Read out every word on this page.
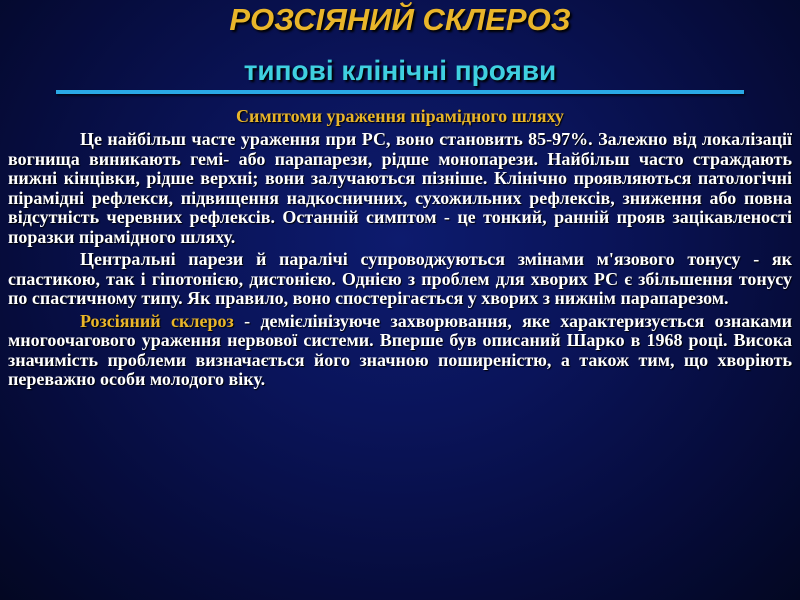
РОЗСІЯНИЙ СКЛЕРОЗ
типові клінічні прояви
Симптоми ураження пірамідного шляху

Це найбільш часте ураження при РС, воно становить 85-97%. Залежно від локалізації вогнища виникають гемі- або парапарези, рідше монопарези. Найбільш часто страждають нижні кінцівки, рідше верхні; вони залучаються пізніше. Клінічно проявляються патологічні пірамідні рефлекси, підвищення надкосничних, сухожильних рефлексів, зниження або повна відсутність черевних рефлексів. Останній симптом - це тонкий, ранній прояв зацікавленості поразки пірамідного шляху.

Центральні парези й паралічі супроводжуються змінами м'язового тонусу - як спастикою, так і гіпотонією, дистонією. Однією з проблем для хворих РС є збільшення тонусу по спастичному типу. Як правило, воно спостерігається у хворих з нижнім парапарезом.

Розсіяний склероз - демієлінізуюче захворювання, яке характеризується ознаками многоочагового ураження нервової системи. Вперше був описаний Шарко в 1968 році. Висока значимість проблеми визначається його значною поширеністю, а також тим, що хворіють переважно особи молодого віку.
